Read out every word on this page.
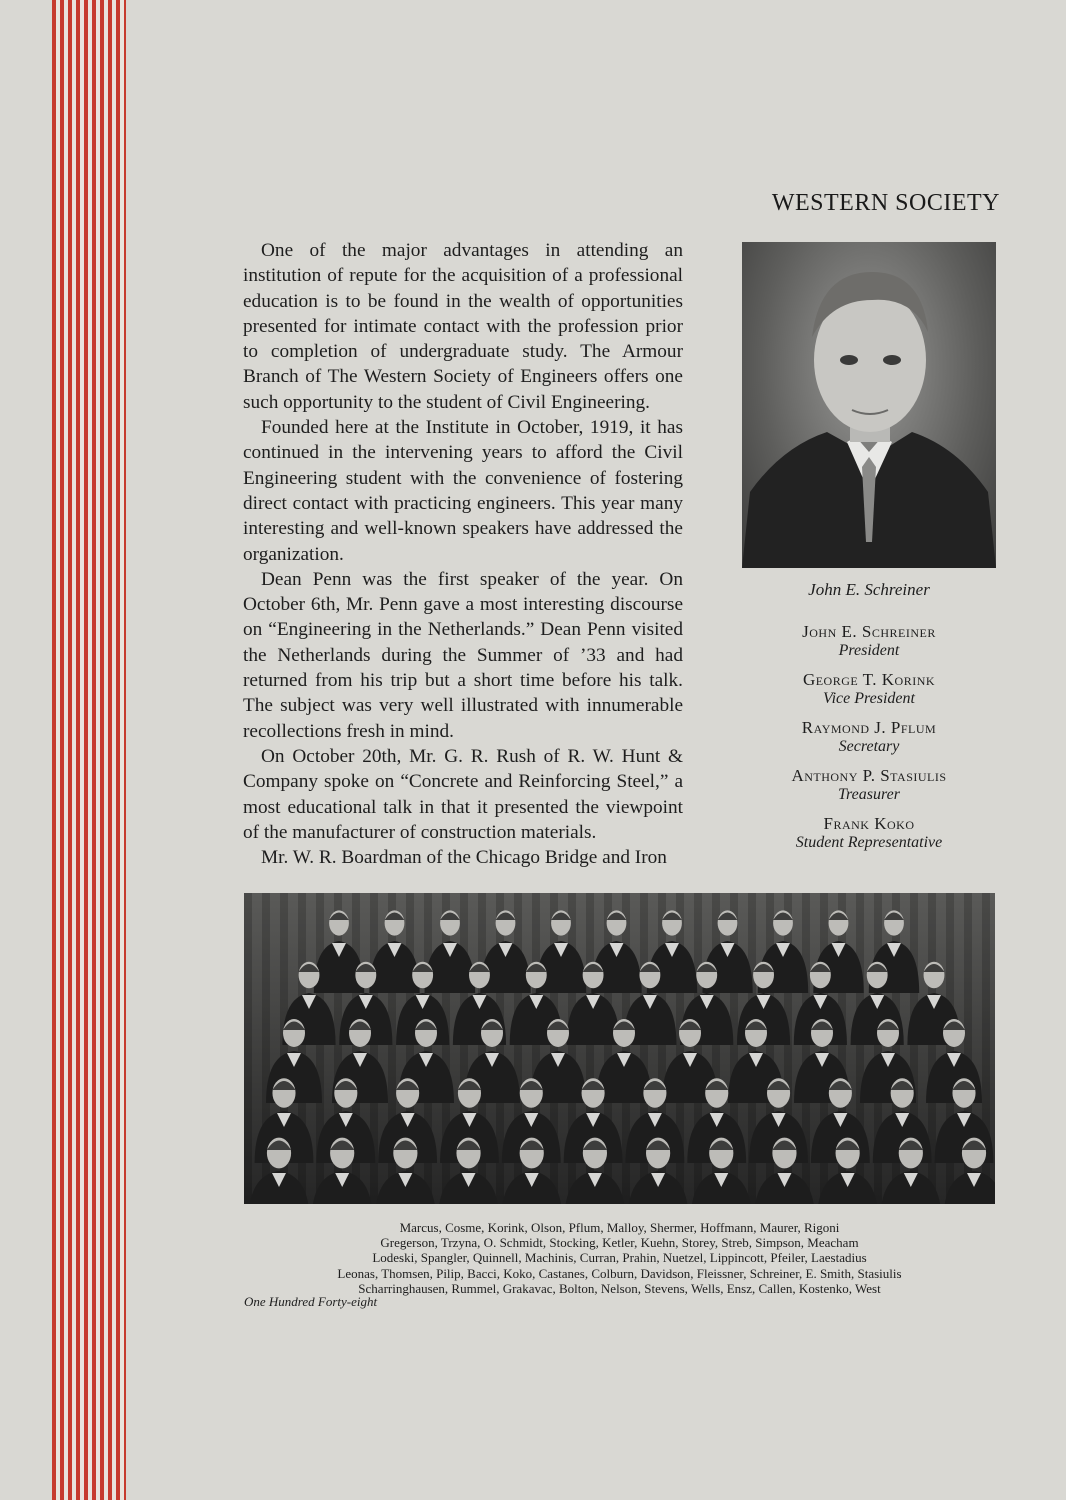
WESTERN SOCIETY

One of the major advantages in attending an institution of repute for the acquisition of a professional education is to be found in the wealth of opportunities presented for intimate contact with the profession prior to completion of undergraduate study. The Armour Branch of The Western Society of Engineers offers one such opportunity to the student of Civil Engineering.

Founded here at the Institute in October, 1919, it has continued in the intervening years to afford the Civil Engineering student with the convenience of fostering direct contact with practicing engineers. This year many interesting and well-known speakers have addressed the organization.

Dean Penn was the first speaker of the year. On October 6th, Mr. Penn gave a most interesting discourse on “Engineering in the Netherlands.” Dean Penn visited the Netherlands during the Summer of ’33 and had returned from his trip but a short time before his talk. The subject was very well illustrated with innumerable recollections fresh in mind.

On October 20th, Mr. G. R. Rush of R. W. Hunt & Company spoke on “Concrete and Reinforcing Steel,” a most educational talk in that it presented the viewpoint of the manufacturer of construction materials.

Mr. W. R. Boardman of the Chicago Bridge and Iron

John E. Schreiner
John E. Schreiner
President
George T. Korink
Vice President
Raymond J. Pflum
Secretary
Anthony P. Stasiulis
Treasurer
Frank Koko
Student Representative
Marcus, Cosme, Korink, Olson, Pflum, Malloy, Shermer, Hoffmann, Maurer, Rigoni
Gregerson, Trzyna, O. Schmidt, Stocking, Ketler, Kuehn, Storey, Streb, Simpson, Meacham
Lodeski, Spangler, Quinnell, Machinis, Curran, Prahin, Nuetzel, Lippincott, Pfeiler, Laestadius
Leonas, Thomsen, Pilip, Bacci, Koko, Castanes, Colburn, Davidson, Fleissner, Schreiner, E. Smith, Stasiulis
Scharringhausen, Rummel, Grakavac, Bolton, Nelson, Stevens, Wells, Ensz, Callen, Kostenko, West
One Hundred Forty-eight
